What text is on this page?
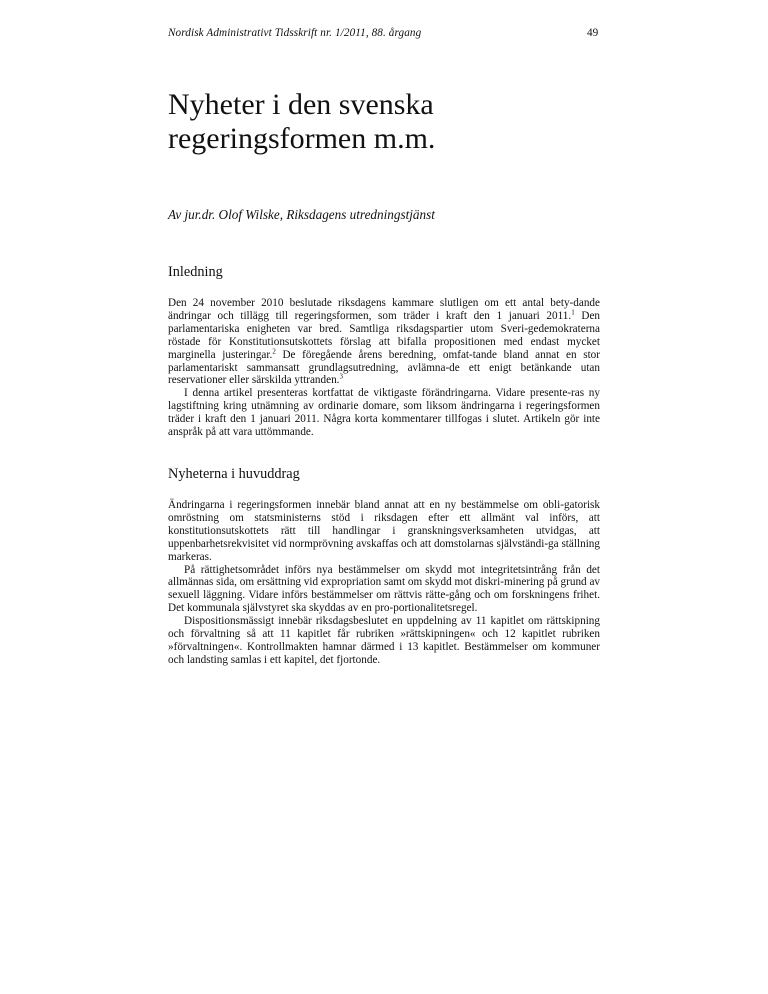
Nordisk Administrativt Tidsskrift nr. 1/2011, 88. årgang	49
Nyheter i den svenska
regeringsformen m.m.

Av jur.dr. Olof Wilske, Riksdagens utredningstjänst

Inledning

Den 24 november 2010 beslutade riksdagens kammare slutligen om ett antal bety-dande ändringar och tillägg till regeringsformen, som träder i kraft den 1 januari 2011.$^1$ Den parlamentariska enigheten var bred. Samtliga riksdagspartier utom Sveri-gedemokraterna röstade för Konstitutionsutskottets förslag att bifalla propositionen med endast mycket marginella justeringar.$^2$ De föregående årens beredning, omfat-tande bland annat en stor parlamentariskt sammansatt grundlagsutredning, avlämna-de ett enigt betänkande utan reservationer eller särskilda yttranden.$^3$

I denna artikel presenteras kortfattat de viktigaste förändringarna. Vidare presente-ras ny lagstiftning kring utnämning av ordinarie domare, som liksom ändringarna i regeringsformen träder i kraft den 1 januari 2011. Några korta kommentarer tillfogas i slutet. Artikeln gör inte anspråk på att vara uttömmande.

Nyheterna i huvuddrag

Ändringarna i regeringsformen innebär bland annat att en ny bestämmelse om obli-gatorisk omröstning om statsministerns stöd i riksdagen efter ett allmänt val införs, att konstitutionsutskottets rätt till handlingar i granskningsverksamheten utvidgas, att uppenbarhetsrekvisitet vid normprövning avskaffas och att domstolarnas självständi-ga ställning markeras.

På rättighetsområdet införs nya bestämmelser om skydd mot integritetsintrång från det allmännas sida, om ersättning vid expropriation samt om skydd mot diskri-minering på grund av sexuell läggning. Vidare införs bestämmelser om rättvis rätte-gång och om forskningens frihet. Det kommunala självstyret ska skyddas av en pro-portionalitetsregel.

Dispositionsmässigt innebär riksdagsbeslutet en uppdelning av 11 kapitlet om rättskipning och förvaltning så att 11 kapitlet får rubriken »rättskipningen« och 12 kapitlet rubriken »förvaltningen«. Kontrollmakten hamnar därmed i 13 kapitlet. Bestämmelser om kommuner och landsting samlas i ett kapitel, det fjortonde.
